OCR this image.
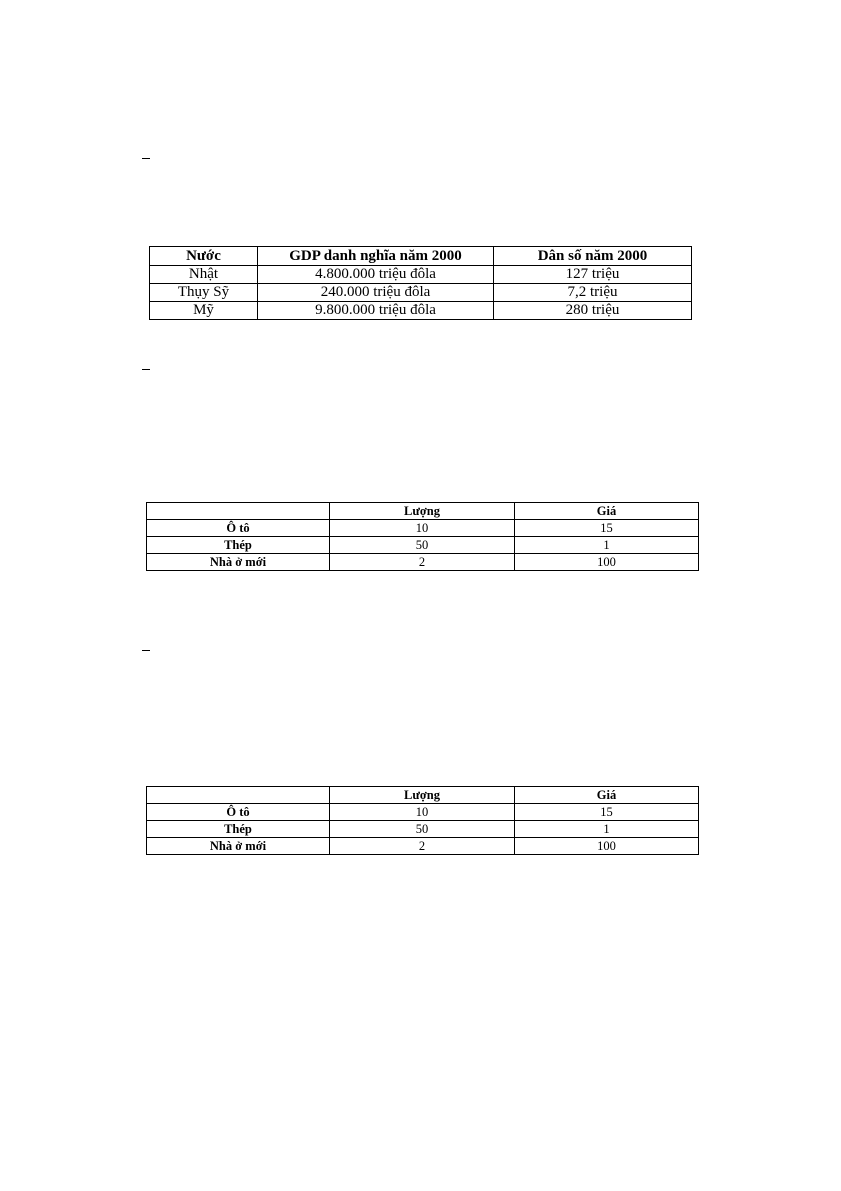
Nước	GDP danh nghĩa năm 2000	Dân số năm 2000
Nhật	4.800.000 triệu đôla	127 triệu
Thụy Sỹ	240.000 triệu đôla	7,2 triệu
Mỹ	9.800.000 triệu đôla	280 triệu
	Lượng	Giá
Ô tô	10	15
Thép	50	1
Nhà ở mới	2	100
	Lượng	Giá
Ô tô	10	15
Thép	50	1
Nhà ở mới	2	100
